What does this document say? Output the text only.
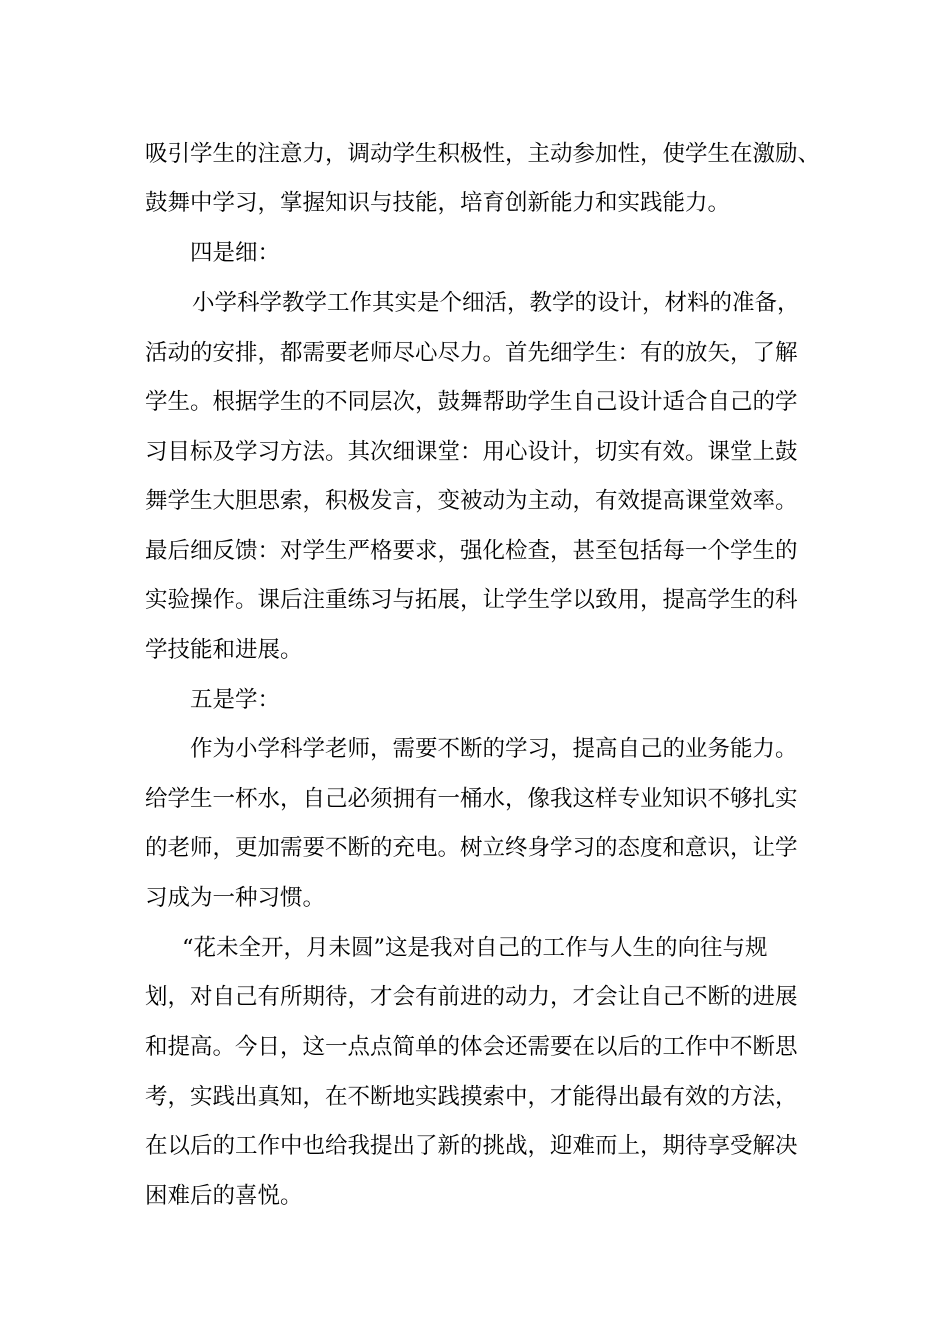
吸引学生的注意力，调动学生积极性，主动参加性，使学生在激励、
鼓舞中学习，掌握知识与技能，培育创新能力和实践能力。
四是细：
小学科学教学工作其实是个细活，教学的设计，材料的准备，
活动的安排，都需要老师尽心尽力。首先细学生：有的放矢，了解
学生。根据学生的不同层次，鼓舞帮助学生自己设计适合自己的学
习目标及学习方法。其次细课堂：用心设计，切实有效。课堂上鼓
舞学生大胆思索，积极发言，变被动为主动，有效提高课堂效率。
最后细反馈：对学生严格要求，强化检查，甚至包括每一个学生的
实验操作。课后注重练习与拓展，让学生学以致用，提高学生的科
学技能和进展。
五是学：
作为小学科学老师，需要不断的学习，提高自己的业务能力。
给学生一杯水，自己必须拥有一桶水，像我这样专业知识不够扎实
的老师，更加需要不断的充电。树立终身学习的态度和意识，让学
习成为一种习惯。
“花未全开，月未圆”这是我对自己的工作与人生的向往与规
划，对自己有所期待，才会有前进的动力，才会让自己不断的进展
和提高。今日，这一点点简单的体会还需要在以后的工作中不断思
考，实践出真知，在不断地实践摸索中，才能得出最有效的方法，
在以后的工作中也给我提出了新的挑战，迎难而上，期待享受解决
困难后的喜悦。
